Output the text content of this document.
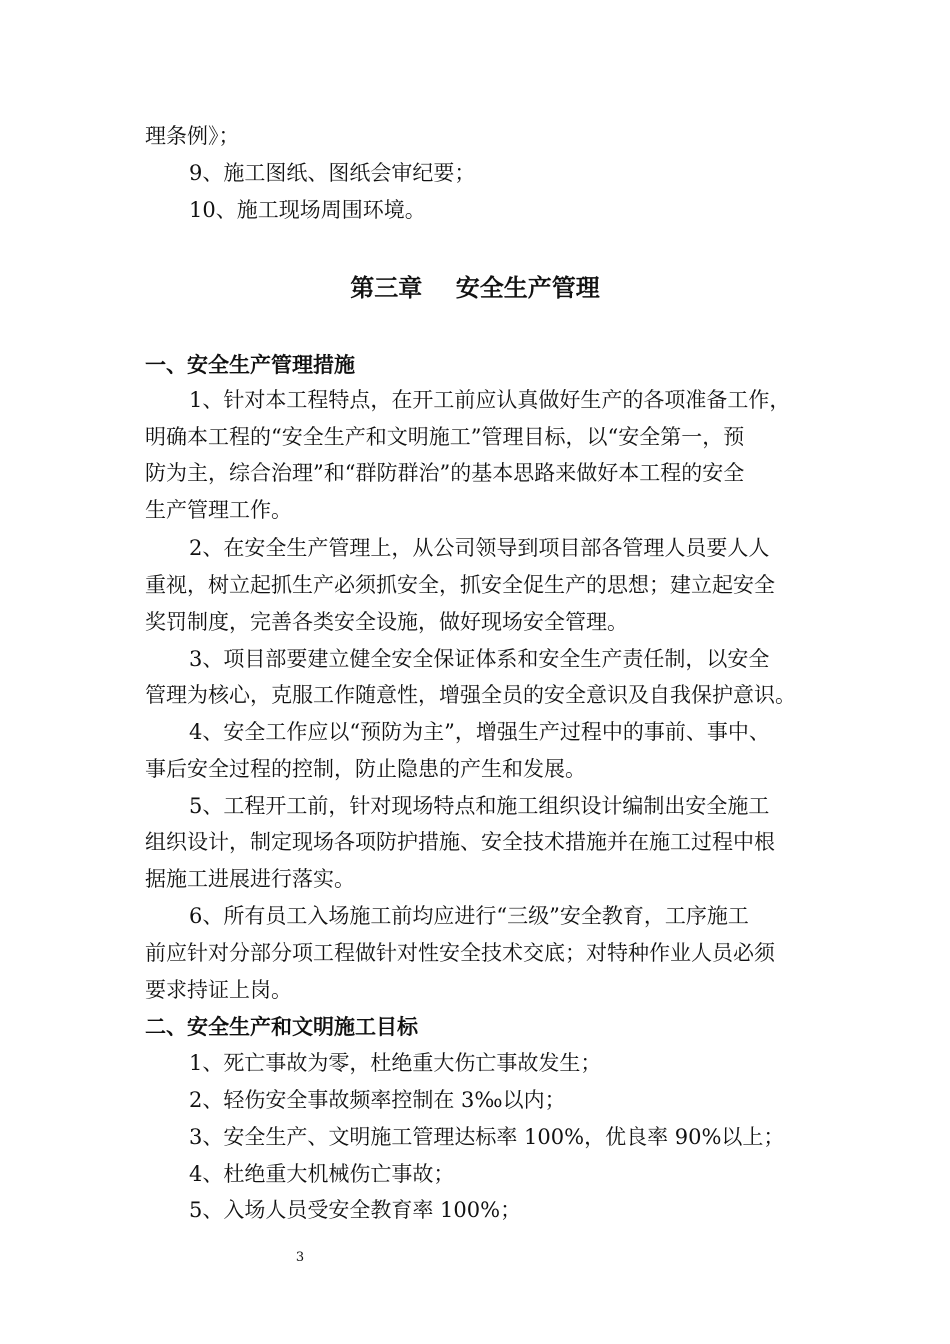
理条例》；
9、施工图纸、图纸会审纪要；
10、施工现场周围环境。
第三章    安全生产管理
一、安全生产管理措施
1、针对本工程特点，在开工前应认真做好生产的各项准备工作，
明确本工程的“安全生产和文明施工”管理目标，以“安全第一，预
防为主，综合治理”和“群防群治”的基本思路来做好本工程的安全
生产管理工作。
2、在安全生产管理上，从公司领导到项目部各管理人员要人人
重视，树立起抓生产必须抓安全，抓安全促生产的思想；建立起安全
奖罚制度，完善各类安全设施，做好现场安全管理。
3、项目部要建立健全安全保证体系和安全生产责任制，以安全
管理为核心，克服工作随意性，增强全员的安全意识及自我保护意识。
4、安全工作应以“预防为主”，增强生产过程中的事前、事中、
事后安全过程的控制，防止隐患的产生和发展。
5、工程开工前，针对现场特点和施工组织设计编制出安全施工
组织设计，制定现场各项防护措施、安全技术措施并在施工过程中根
据施工进展进行落实。
6、所有员工入场施工前均应进行“三级”安全教育，工序施工
前应针对分部分项工程做针对性安全技术交底；对特种作业人员必须
要求持证上岗。
二、安全生产和文明施工目标
1、死亡事故为零，杜绝重大伤亡事故发生；
2、轻伤安全事故频率控制在 3‰以内；
3、安全生产、文明施工管理达标率 100%，优良率 90%以上；
4、杜绝重大机械伤亡事故；
5、入场人员受安全教育率 100%；
3
